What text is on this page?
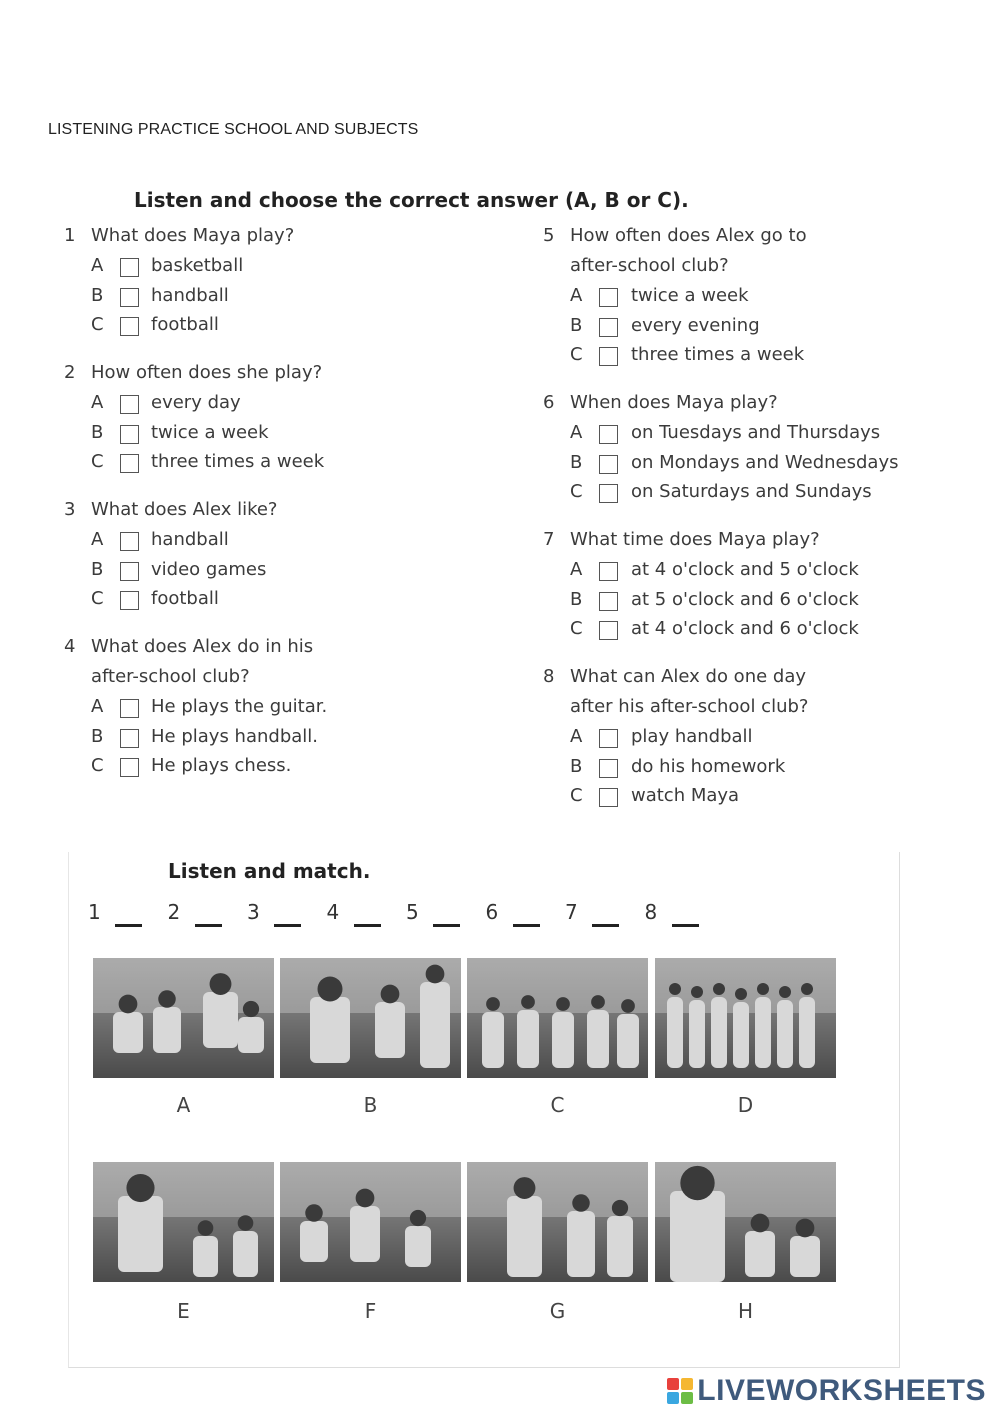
LISTENING PRACTICE SCHOOL AND SUBJECTS
Listen and choose the correct answer (A, B or C).
1 What does Maya play?
A	basketball
B	handball
C	football
2 How often does she play?
A	every day
B	twice a week
C	three times a week
3 What does Alex like?
A	handball
B	video games
C	football
4 What does Alex do in his
after-school club?
A	He plays the guitar.
B	He plays handball.
C	He plays chess.
5 How often does Alex go to
after-school club?
A	twice a week
B	every evening
C	three times a week
6 When does Maya play?
A	on Tuesdays and Thursdays
B	on Mondays and Wednesdays
C	on Saturdays and Sundays
7 What time does Maya play?
A	at 4 o'clock and 5 o'clock
B	at 5 o'clock and 6 o'clock
C	at 4 o'clock and 6 o'clock
8 What can Alex do one day
after his after-school club?
A	play handball
B	do his homework
C	watch Maya
Listen and match.
1	2	3	4	5	6	7	8
A	B	C	D
E	F	G	H
LIVEWORKSHEETS
